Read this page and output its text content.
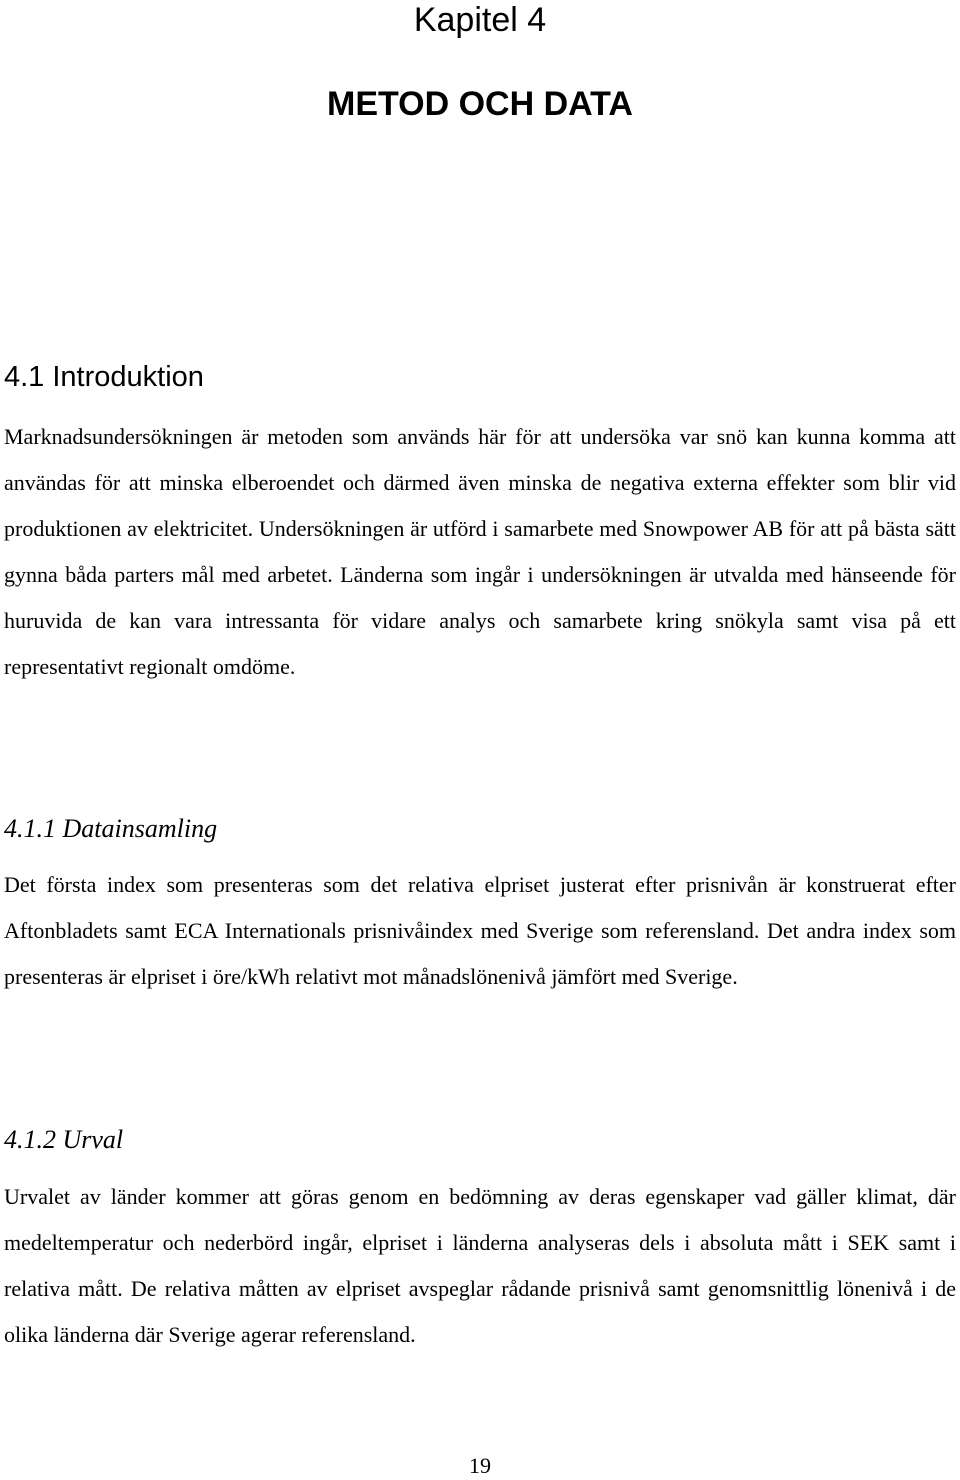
Kapitel 4
METOD OCH DATA
4.1 Introduktion

Marknadsundersökningen är metoden som används här för att undersöka var snö kan kunna komma att användas för att minska elberoendet och därmed även minska de negativa externa effekter som blir vid produktionen av elektricitet. Undersökningen är utförd i samarbete med Snowpower AB för att på bästa sätt gynna båda parters mål med arbetet. Länderna som ingår i undersökningen är utvalda med hänseende för huruvida de kan vara intressanta för vidare analys och samarbete kring snökyla samt visa på ett representativt regionalt omdöme.

4.1.1 Datainsamling

Det första index som presenteras som det relativa elpriset justerat efter prisnivån är konstruerat efter Aftonbladets samt ECA Internationals prisnivåindex med Sverige som referensland. Det andra index som presenteras är elpriset i öre/kWh relativt mot månadslönenivå jämfört med Sverige.

4.1.2 Urval

Urvalet av länder kommer att göras genom en bedömning av deras egenskaper vad gäller klimat, där medeltemperatur och nederbörd ingår, elpriset i länderna analyseras dels i absoluta mått i SEK samt i relativa mått. De relativa måtten av elpriset avspeglar rådande prisnivå samt genomsnittlig lönenivå i de olika länderna där Sverige agerar referensland.

19
